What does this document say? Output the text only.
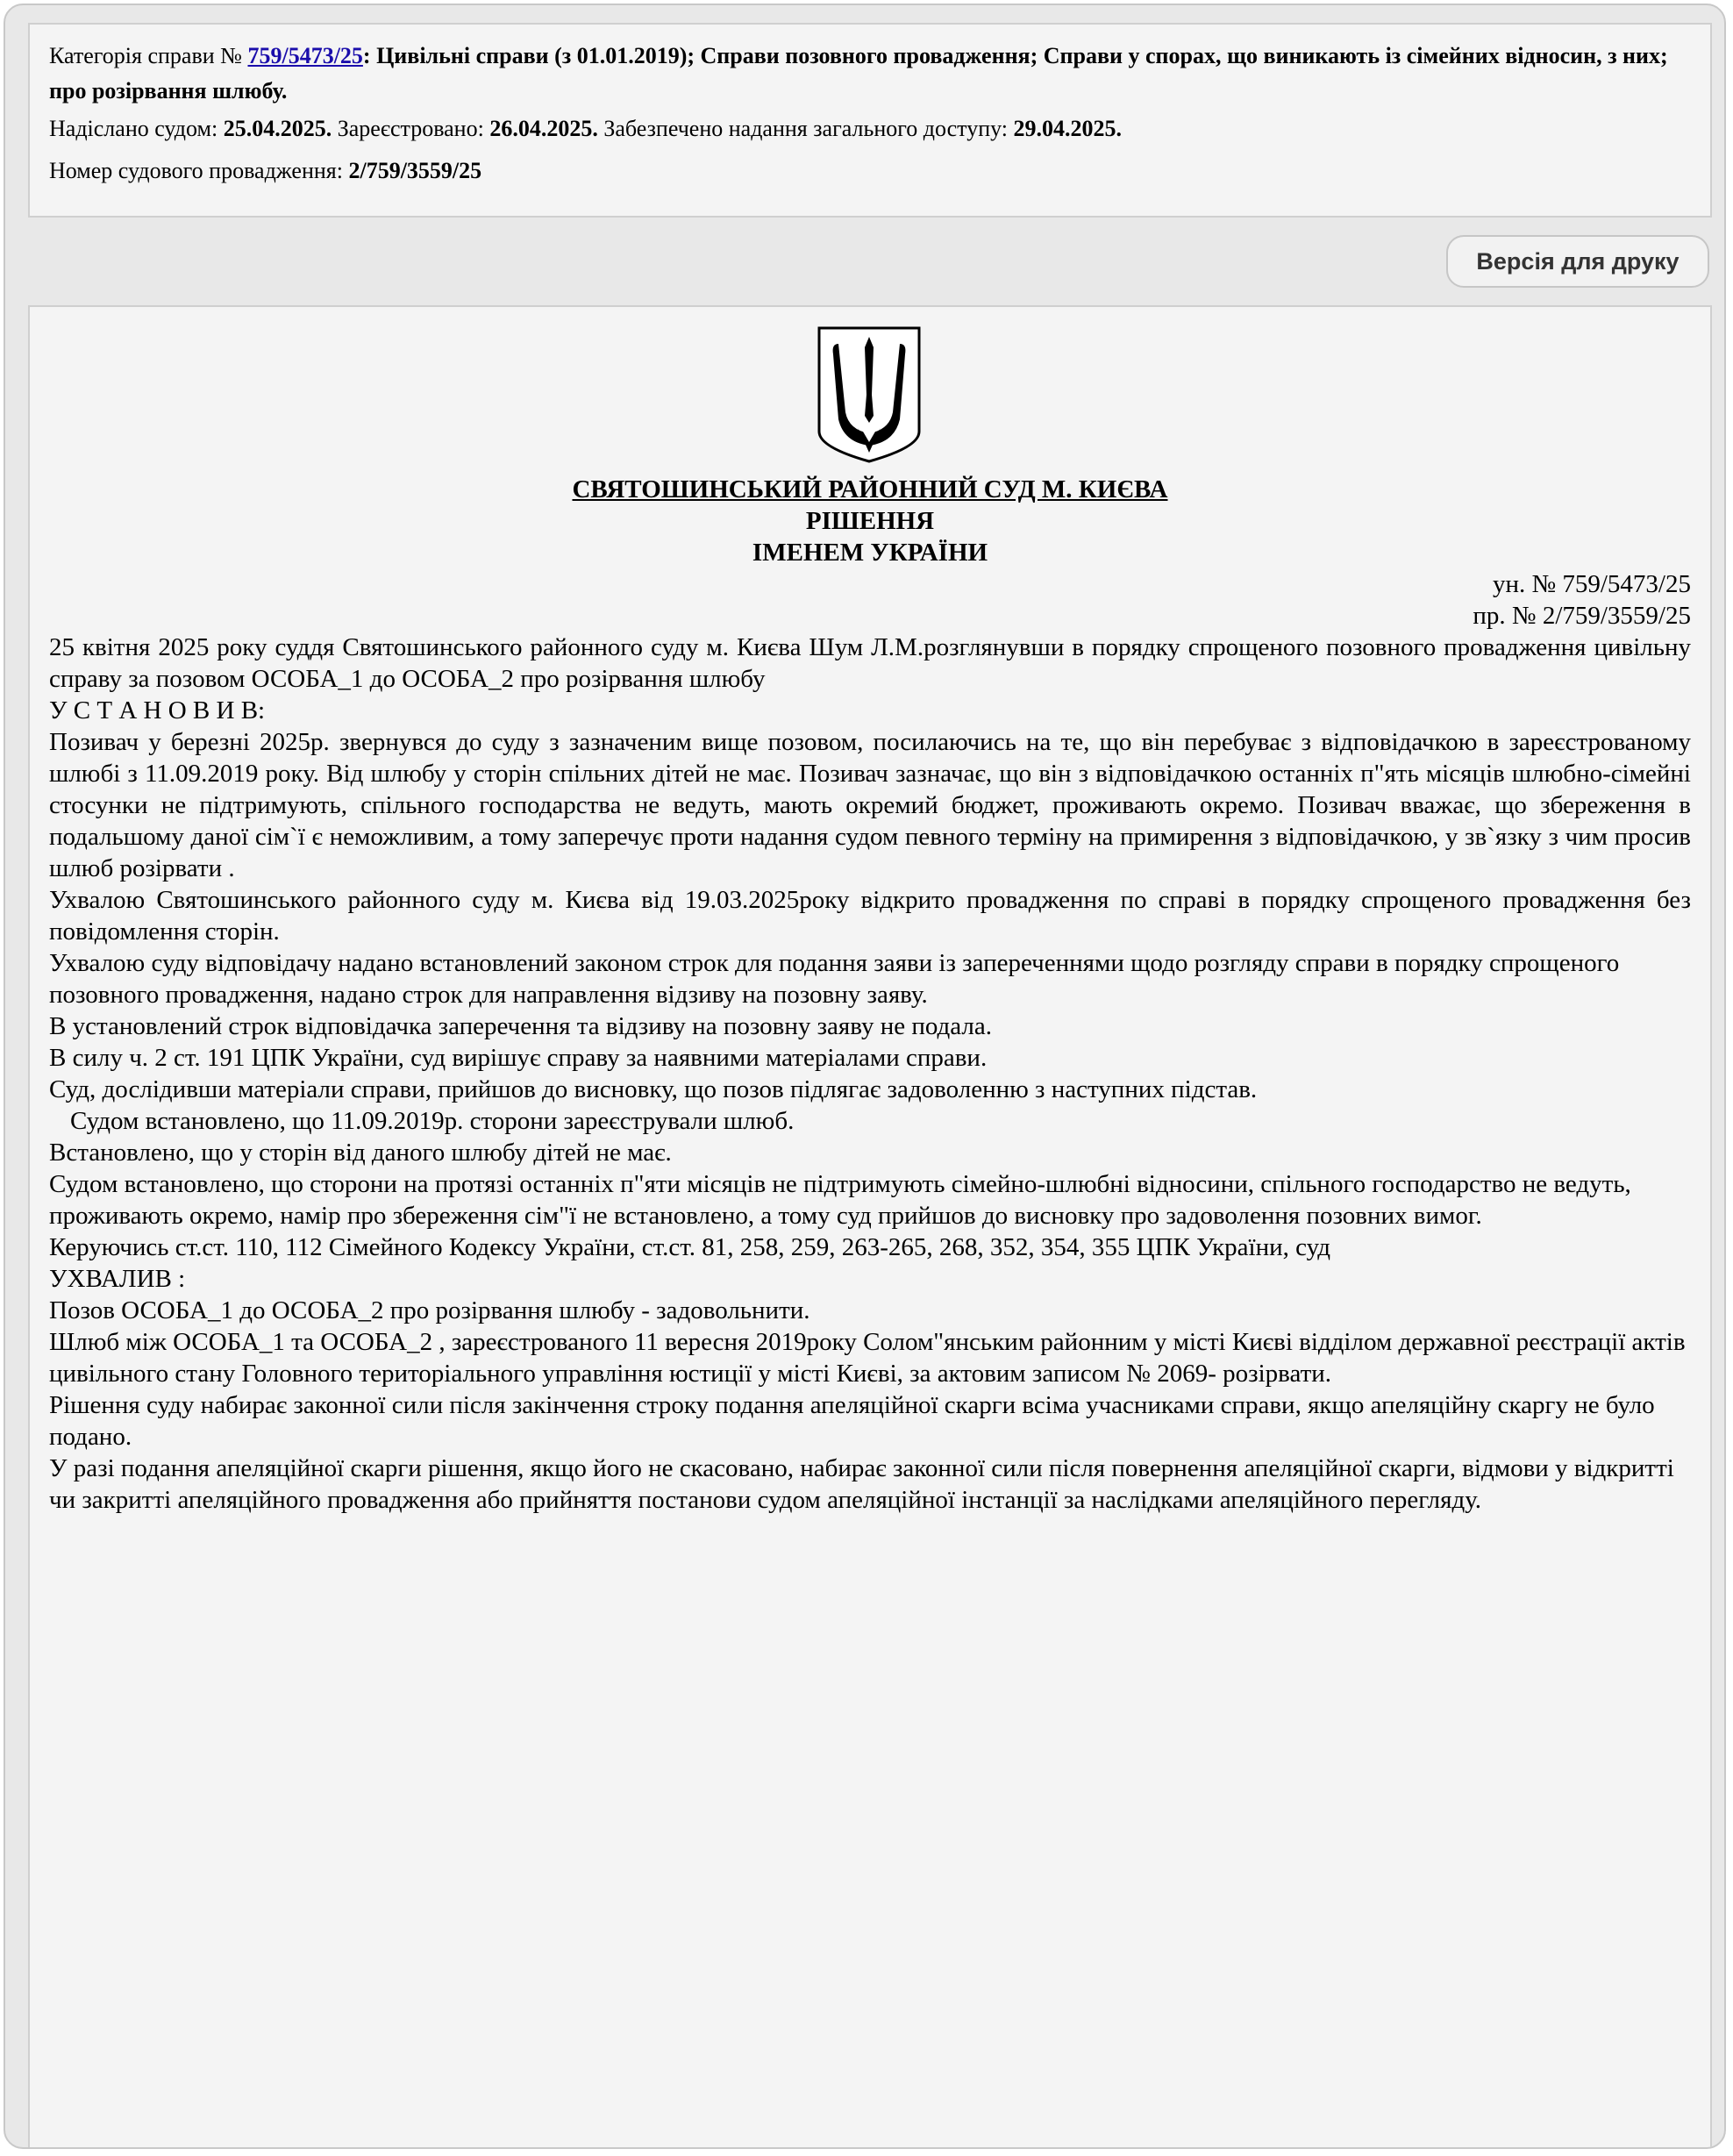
Категорія справи № 759/5473/25: Цивільні справи (з 01.01.2019); Справи позовного провадження; Справи у спорах, що виникають із сімейних відносин, з них; про розірвання шлюбу.

Надіслано судом: 25.04.2025. Зареєстровано: 26.04.2025. Забезпечено надання загального доступу: 29.04.2025.

Номер судового провадження: 2/759/3559/25

Версія для друку

СВЯТОШИНСЬКИЙ РАЙОННИЙ СУД М. КИЄВА

РІШЕННЯ

ІМЕНЕМ УКРАЇНИ

ун. № 759/5473/25

пр. № 2/759/3559/25

25 квітня 2025 року суддя Святошинського районного суду м. Києва Шум Л.М.розглянувши в порядку спрощеного позовного провадження цивільну справу за позовом ОСОБА_1 до ОСОБА_2 про розірвання шлюбу

У С Т А Н О В И В:

Позивач у березні 2025р. звернувся до суду з зазначеним вище позовом, посилаючись на те, що він перебуває з відповідачкою в зареєстрованому шлюбі з 11.09.2019 року. Від шлюбу у сторін спільних дітей не має. Позивач зазначає, що він з відповідачкою останніх п"ять місяців шлюбно-сімейні стосунки не підтримують, спільного господарства не ведуть, мають окремий бюджет, проживають окремо. Позивач вважає, що збереження в подальшому даної сім`ї є неможливим, а тому заперечує проти надання судом певного терміну на примирення з відповідачкою, у зв`язку з чим просив шлюб розірвати .

Ухвалою Святошинського районного суду м. Києва від 19.03.2025року відкрито провадження по справі в порядку спрощеного провадження без повідомлення сторін.

Ухвалою суду відповідачу надано встановлений законом строк для подання заяви із запереченнями щодо розгляду справи в порядку спрощеного позовного провадження, надано строк для направлення відзиву на позовну заяву.

В установлений строк відповідачка заперечення та відзиву на позовну заяву не подала.

В силу ч. 2 ст. 191 ЦПК України, суд вирішує справу за наявними матеріалами справи.

Суд, дослідивши матеріали справи, прийшов до висновку, що позов підлягає задоволенню з наступних підстав.

Судом встановлено, що 11.09.2019р. сторони зареєстрували шлюб.

Встановлено, що у сторін від даного шлюбу дітей не має.

Судом встановлено, що сторони на протязі останніх п"яти місяців не підтримують сімейно-шлюбні відносини, спільного господарство не ведуть, проживають окремо, намір про збереження сім"ї не встановлено, а тому суд прийшов до висновку про задоволення позовних вимог.

Керуючись ст.ст. 110, 112 Сімейного Кодексу України, ст.ст. 81, 258, 259, 263-265, 268, 352, 354, 355 ЦПК України, суд

УХВАЛИВ :

Позов ОСОБА_1 до ОСОБА_2 про розірвання шлюбу - задовольнити.

Шлюб між ОСОБА_1 та ОСОБА_2 , зареєстрованого 11 вересня 2019року Солом"янським районним у місті Києві відділом державної реєстрації актів цивільного стану Головного територіального управління юстиції у місті Києві, за актовим записом № 2069- розірвати.

Рішення суду набирає законної сили після закінчення строку подання апеляційної скарги всіма учасниками справи, якщо апеляційну скаргу не було подано.

У разі подання апеляційної скарги рішення, якщо його не скасовано, набирає законної сили після повернення апеляційної скарги, відмови у відкритті чи закритті апеляційного провадження або прийняття постанови судом апеляційної інстанції за наслідками апеляційного перегляду.
